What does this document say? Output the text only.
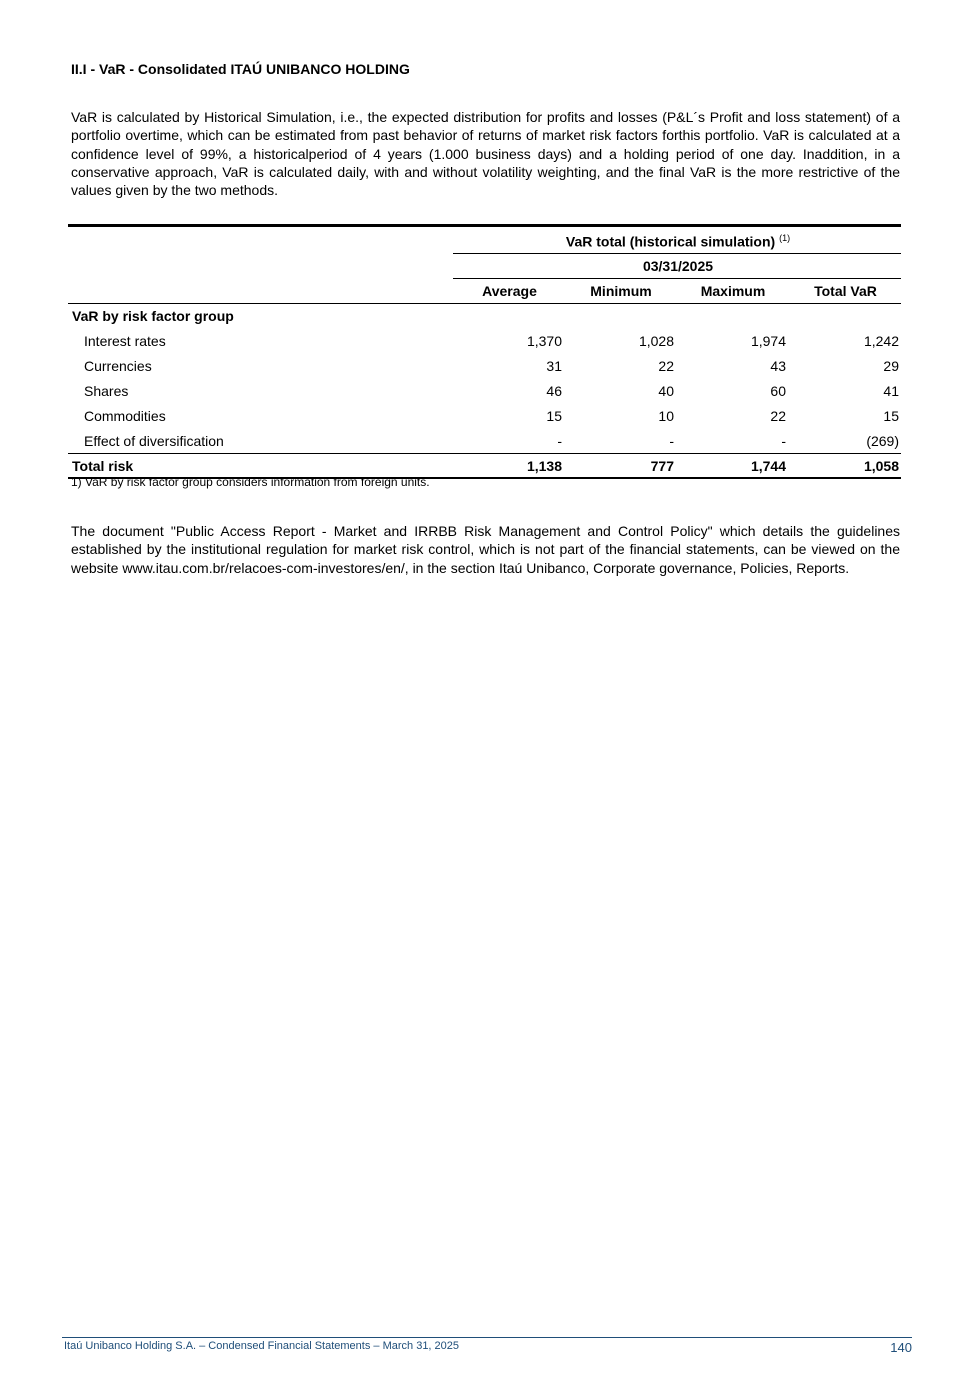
II.I - VaR - Consolidated ITAÚ UNIBANCO HOLDING

VaR is calculated by Historical Simulation, i.e., the expected distribution for profits and losses (P&L´s Profit and loss statement) of a portfolio overtime, which can be estimated from past behavior of returns of market risk factors forthis portfolio. VaR is calculated at a confidence level of 99%, a historicalperiod of 4 years (1.000 business days) and a holding period of one day. Inaddition, in a conservative approach, VaR is calculated daily, with and without volatility weighting, and the final VaR is the more restrictive of the values given by the two methods.

	VaR total (historical simulation) $^{(1)}$
	03/31/2025			
	Average	Minimum	Maximum	Total VaR
VaR by risk factor group				
Interest rates	1,370	1,028	1,974	1,242
Currencies	31	22	43	29
Shares	46	40	60	41
Commodities	15	10	22	15
Effect of diversification	-	-	-	(269)
Total risk	1,138	777	1,744	1,058

1) VaR by risk factor group considers information from foreign units.

The document "Public Access Report - Market and IRRBB Risk Management and Control Policy" which details the guidelines established by the institutional regulation for market risk control, which is not part of the financial statements, can be viewed on the website www.itau.com.br/relacoes-com-investores/en/, in the section Itaú Unibanco, Corporate governance, Policies, Reports.

Itaú Unibanco Holding S.A. – Condensed Financial Statements – March 31, 2025	140
